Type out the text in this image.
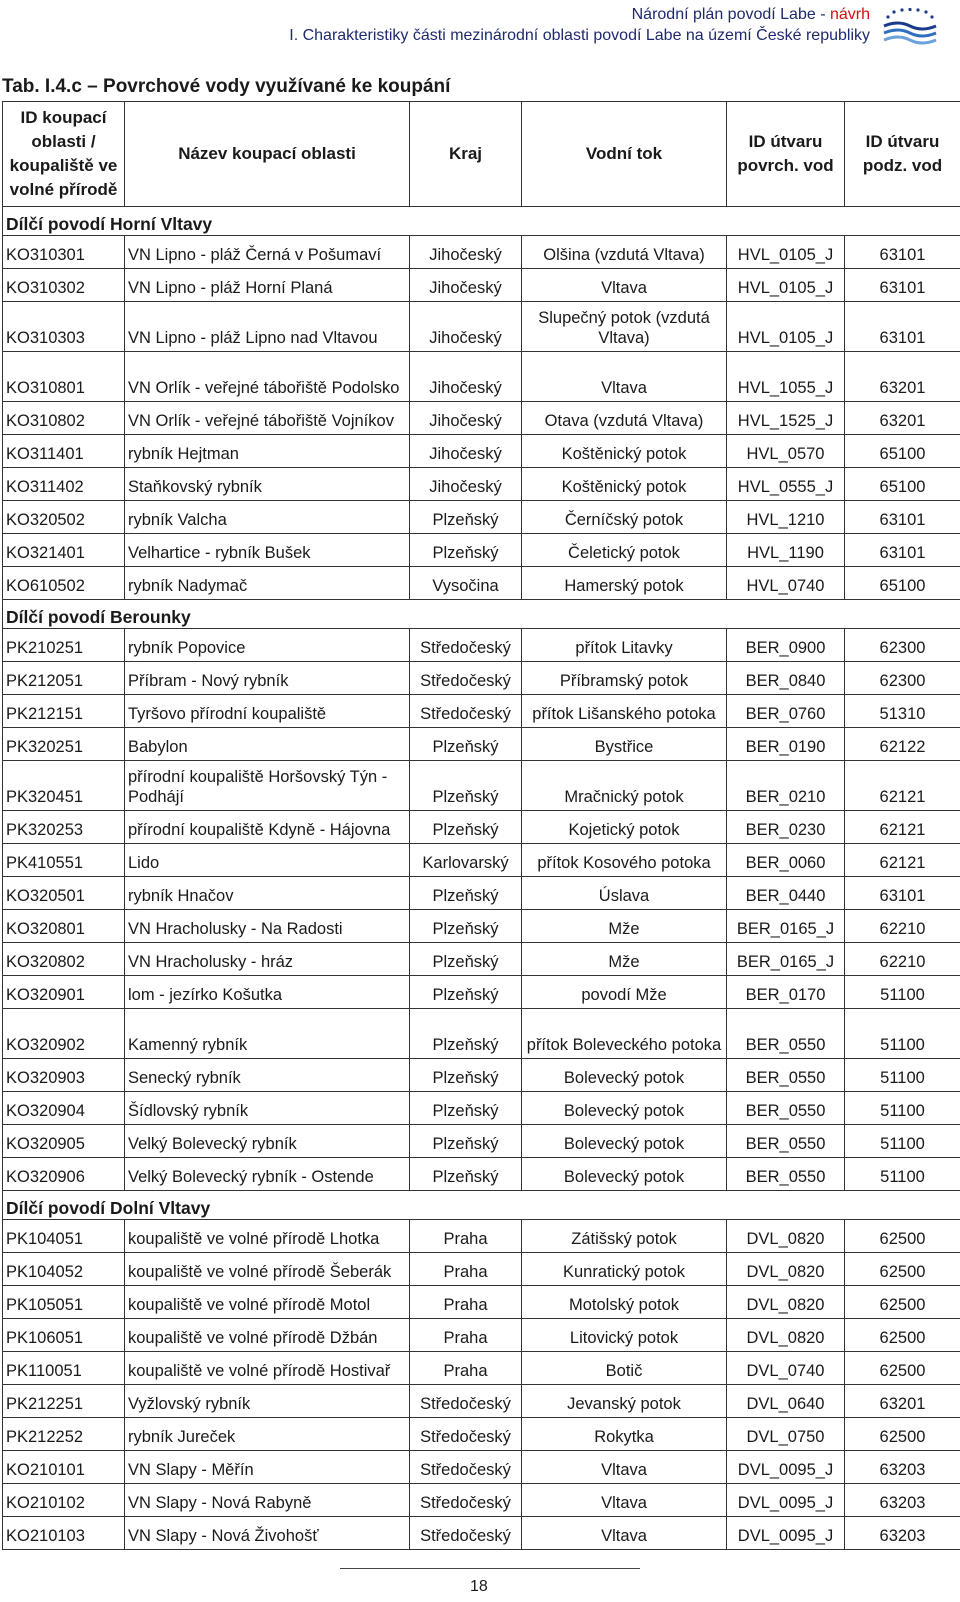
Národní plán povodí Labe - návrh
I. Charakteristiky části mezinárodní oblasti povodí Labe na území České republiky
Tab. I.4.c – Povrchové vody využívané ke koupání
ID koupací oblasti / koupaliště ve volné přírodě	Název koupací oblasti	Kraj	Vodní tok	ID útvaru povrch. vod	ID útvaru podz. vod
Dílčí povodí Horní Vltavy					
KO310301	VN Lipno - pláž Černá v Pošumaví	Jihočeský	Olšina (vzdutá Vltava)	HVL_0105_J	63101
KO310302	VN Lipno - pláž Horní Planá	Jihočeský	Vltava	HVL_0105_J	63101
KO310303	VN Lipno - pláž Lipno nad Vltavou	Jihočeský	Slupečný potok (vzdutá Vltava)	HVL_0105_J	63101
KO310801	VN Orlík - veřejné tábořiště Podolsko	Jihočeský	Vltava	HVL_1055_J	63201
KO310802	VN Orlík - veřejné tábořiště Vojníkov	Jihočeský	Otava (vzdutá Vltava)	HVL_1525_J	63201
KO311401	rybník Hejtman	Jihočeský	Koštěnický potok	HVL_0570	65100
KO311402	Staňkovský rybník	Jihočeský	Koštěnický potok	HVL_0555_J	65100
KO320502	rybník Valcha	Plzeňský	Černíčský potok	HVL_1210	63101
KO321401	Velhartice - rybník Bušek	Plzeňský	Čeletický potok	HVL_1190	63101
KO610502	rybník Nadymač	Vysočina	Hamerský potok	HVL_0740	65100
Dílčí povodí Berounky					
PK210251	rybník Popovice	Středočeský	přítok Litavky	BER_0900	62300
PK212051	Příbram - Nový rybník	Středočeský	Příbramský potok	BER_0840	62300
PK212151	Tyršovo přírodní koupaliště	Středočeský	přítok Lišanského potoka	BER_0760	51310
PK320251	Babylon	Plzeňský	Bystřice	BER_0190	62122
PK320451	přírodní koupaliště Horšovský Týn - Podhájí	Plzeňský	Mračnický potok	BER_0210	62121
PK320253	přírodní koupaliště Kdyně - Hájovna	Plzeňský	Kojetický potok	BER_0230	62121
PK410551	Lido	Karlovarský	přítok Kosového potoka	BER_0060	62121
KO320501	rybník Hnačov	Plzeňský	Úslava	BER_0440	63101
KO320801	VN Hracholusky - Na Radosti	Plzeňský	Mže	BER_0165_J	62210
KO320802	VN Hracholusky - hráz	Plzeňský	Mže	BER_0165_J	62210
KO320901	lom - jezírko Košutka	Plzeňský	povodí Mže	BER_0170	51100
KO320902	Kamenný rybník	Plzeňský	přítok Bolevеckého potoka	BER_0550	51100
KO320903	Senecký rybník	Plzeňský	Bolevecký potok	BER_0550	51100
KO320904	Šídlovský rybník	Plzeňský	Bolevecký potok	BER_0550	51100
KO320905	Velký Bolevecký rybník	Plzeňský	Bolevecký potok	BER_0550	51100
KO320906	Velký Bolevecký rybník - Ostende	Plzeňský	Bolevecký potok	BER_0550	51100
Dílčí povodí Dolní Vltavy					
PK104051	koupaliště ve volné přírodě Lhotka	Praha	Zátišský potok	DVL_0820	62500
PK104052	koupaliště ve volné přírodě Šeberák	Praha	Kunratický potok	DVL_0820	62500
PK105051	koupaliště ve volné přírodě Motol	Praha	Motolský potok	DVL_0820	62500
PK106051	koupaliště ve volné přírodě Džbán	Praha	Litovický potok	DVL_0820	62500
PK110051	koupaliště ve volné přírodě Hostivař	Praha	Botič	DVL_0740	62500
PK212251	Vyžlovský rybník	Středočeský	Jevanský potok	DVL_0640	63201
PK212252	rybník Jureček	Středočeský	Rokytka	DVL_0750	62500
KO210101	VN Slapy - Měřín	Středočeský	Vltava	DVL_0095_J	63203
KO210102	VN Slapy - Nová Rabyně	Středočeský	Vltava	DVL_0095_J	63203
KO210103	VN Slapy - Nová Živohošť	Středočeský	Vltava	DVL_0095_J	63203
18
